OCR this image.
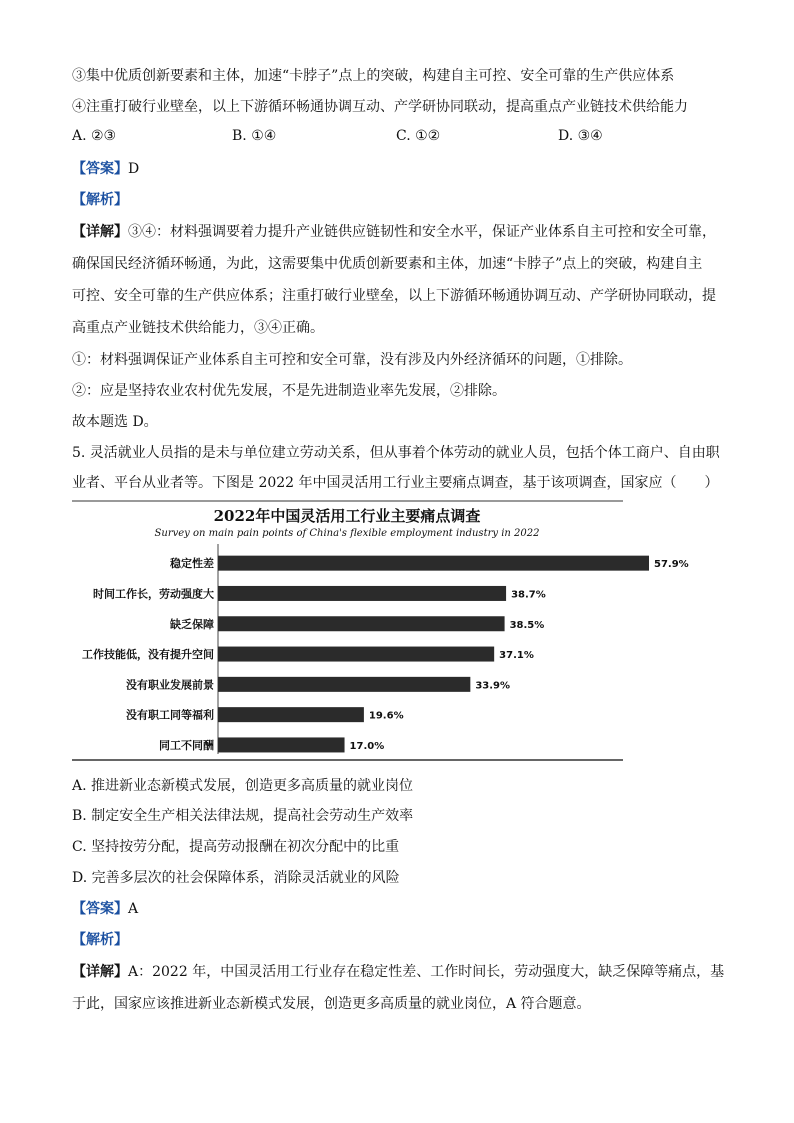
③集中优质创新要素和主体，加速“卡脖子”点上的突破，构建自主可控、安全可靠的生产供应体系
④注重打破行业壁垒，以上下游循环畅通协调互动、产学研协同联动，提高重点产业链技术供给能力
A. ②③	B. ①④	C. ①②	D. ③④
【答案】D
【解析】
【详解】③④：材料强调要着力提升产业链供应链韧性和安全水平，保证产业体系自主可控和安全可靠，
确保国民经济循环畅通，为此，这需要集中优质创新要素和主体，加速“卡脖子”点上的突破，构建自主
可控、安全可靠的生产供应体系；注重打破行业壁垒，以上下游循环畅通协调互动、产学研协同联动，提
高重点产业链技术供给能力，③④正确。
①：材料强调保证产业体系自主可控和安全可靠，没有涉及内外经济循环的问题，①排除。
②：应是坚持农业农村优先发展，不是先进制造业率先发展，②排除。
故本题选 D。
5. 灵活就业人员指的是未与单位建立劳动关系，但从事着个体劳动的就业人员，包括个体工商户、自由职
业者、平台从业者等。下图是 2022 年中国灵活用工行业主要痛点调查，基于该项调查，国家应（　　）
2022年中国灵活用工行业主要痛点调查
Survey on main pain points of China's flexible employment industry in 2022
稳定性差	57.9%
时间工作长，劳动强度大	38.7%
缺乏保障	38.5%
工作技能低，没有提升空间	37.1%
没有职业发展前景	33.9%
没有职工同等福利	19.6%
同工不同酬	17.0%
A. 推进新业态新模式发展，创造更多高质量的就业岗位
B. 制定安全生产相关法律法规，提高社会劳动生产效率
C. 坚持按劳分配，提高劳动报酬在初次分配中的比重
D. 完善多层次的社会保障体系，消除灵活就业的风险
【答案】A
【解析】
【详解】A：2022 年，中国灵活用工行业存在稳定性差、工作时间长，劳动强度大，缺乏保障等痛点，基
于此，国家应该推进新业态新模式发展，创造更多高质量的就业岗位，A 符合题意。
